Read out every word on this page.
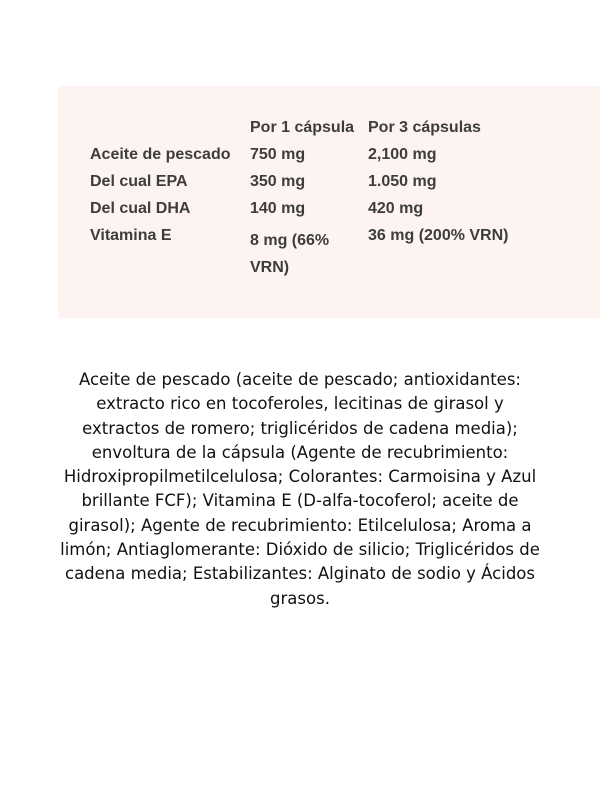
	Por 1 cápsula	Por 3 cápsulas
Aceite de pescado	750 mg	2,100 mg
Del cual EPA	350 mg	1.050 mg
Del cual DHA	140 mg	420 mg
Vitamina E	8 mg (66% VRN)	36 mg (200% VRN)
Aceite de pescado (aceite de pescado; antioxidantes: extracto rico en tocoferoles, lecitinas de girasol y extractos de romero; triglicéridos de cadena media); envoltura de la cápsula (Agente de recubrimiento: Hidroxipropilmetilcelulosa; Colorantes: Carmoisina y Azul brillante FCF); Vitamina E (D-alfa-tocoferol; aceite de girasol); Agente de recubrimiento: Etilcelulosa; Aroma a limón; Antiaglomerante: Dióxido de silicio; Triglicéridos de cadena media; Estabilizantes: Alginato de sodio y Ácidos grasos.
